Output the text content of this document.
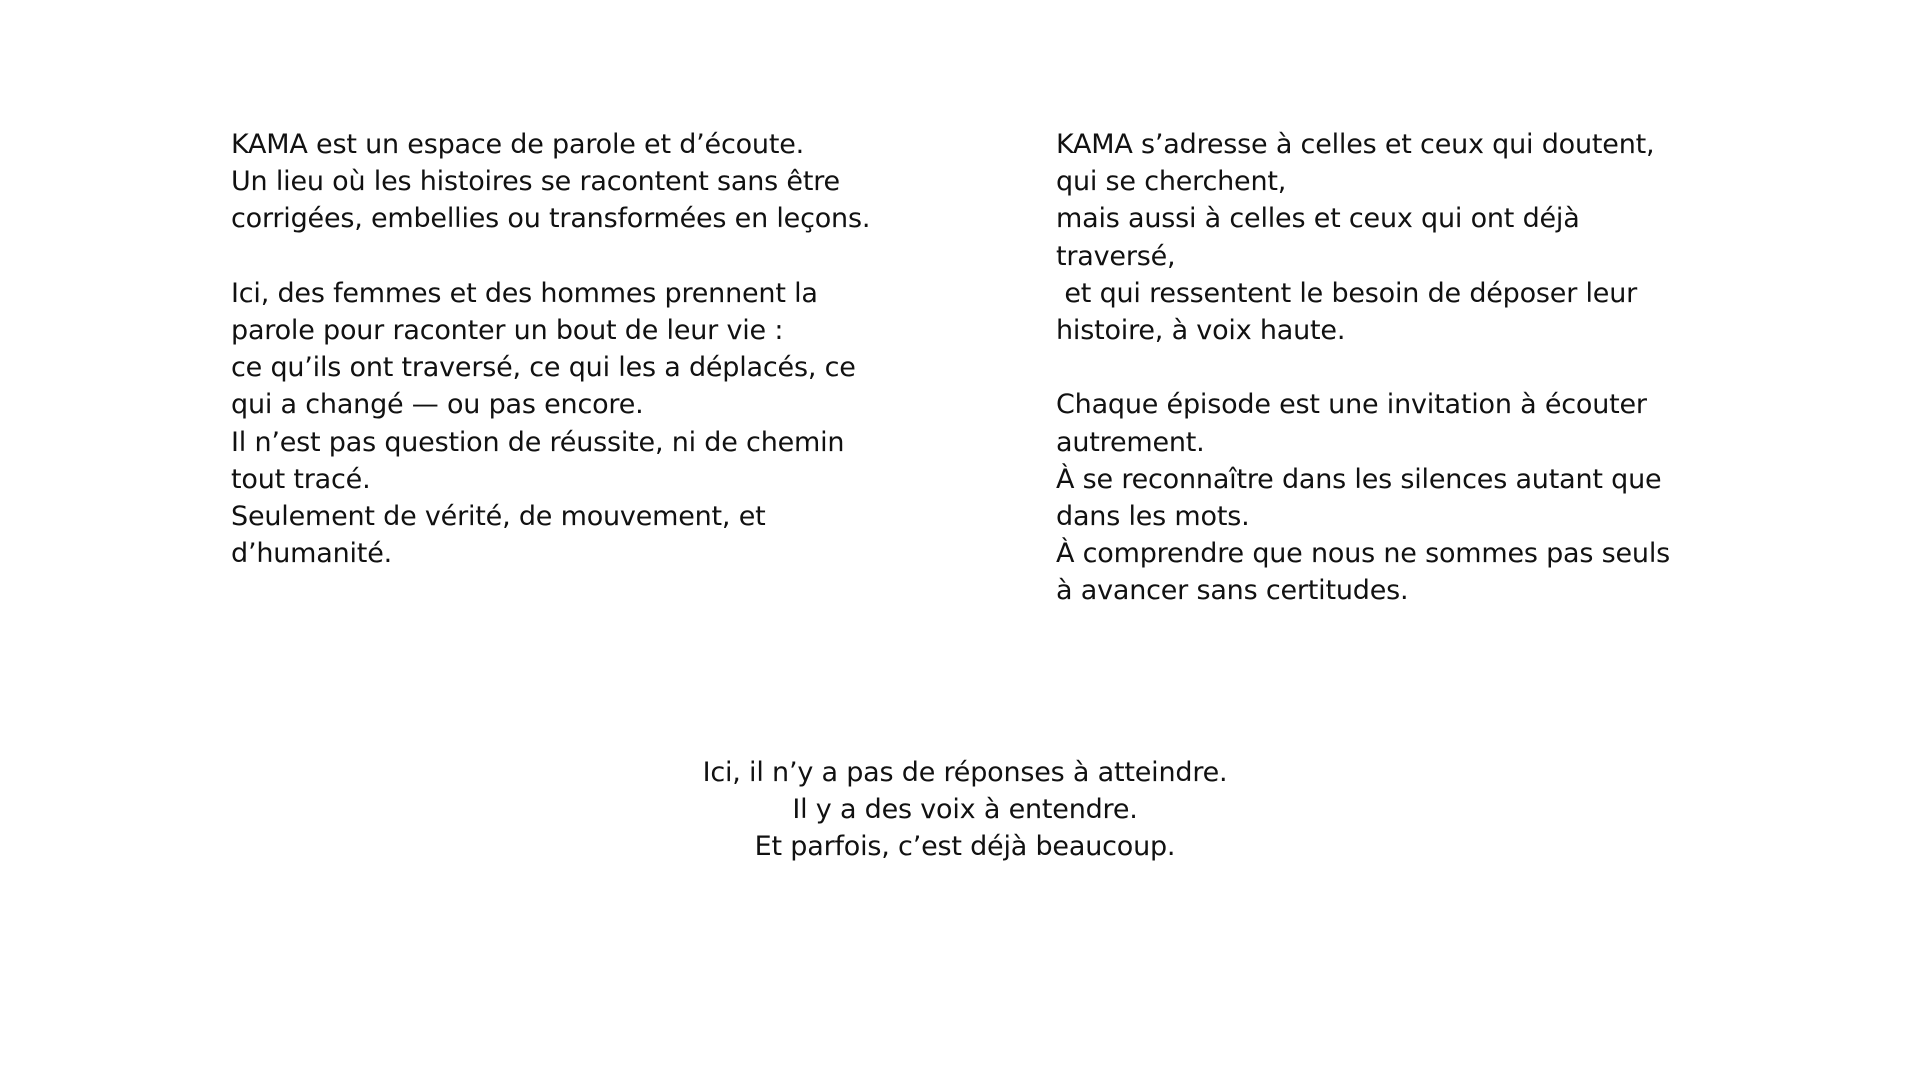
KAMA est un espace de parole et d’écoute.
Un lieu où les histoires se racontent sans être
corrigées, embellies ou transformées en leçons.
Ici, des femmes et des hommes prennent la
parole pour raconter un bout de leur vie :
ce qu’ils ont traversé, ce qui les a déplacés, ce
qui a changé — ou pas encore.
Il n’est pas question de réussite, ni de chemin
tout tracé.
Seulement de vérité, de mouvement, et
d’humanité.
KAMA s’adresse à celles et ceux qui doutent,
qui se cherchent,
mais aussi à celles et ceux qui ont déjà
traversé,
et qui ressentent le besoin de déposer leur
histoire, à voix haute.
Chaque épisode est une invitation à écouter
autrement.
À se reconnaître dans les silences autant que
dans les mots.
À comprendre que nous ne sommes pas seuls
à avancer sans certitudes.
Ici, il n’y a pas de réponses à atteindre.
Il y a des voix à entendre.
Et parfois, c’est déjà beaucoup.
